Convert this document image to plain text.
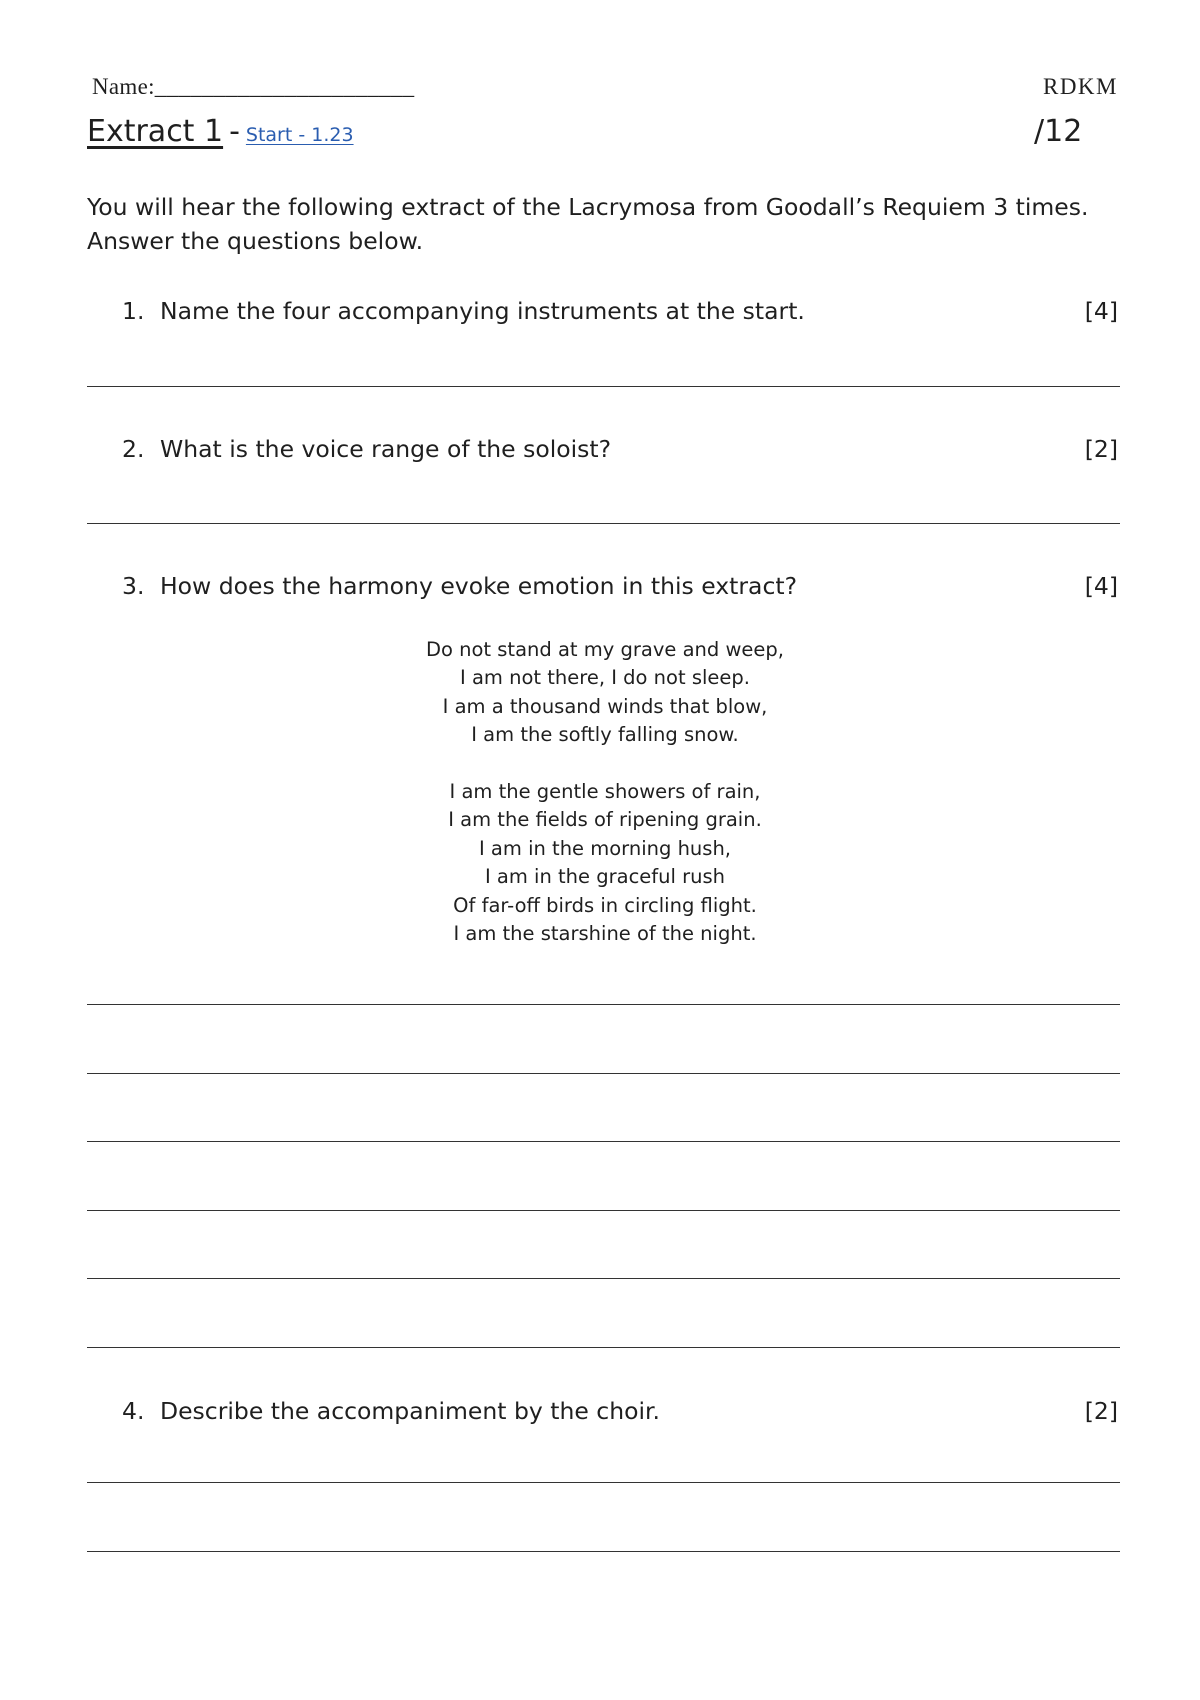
Name:______________________	RDKM
Extract 1 - Start - 1.23	/12
You will hear the following extract of the Lacrymosa from Goodall’s Requiem 3 times. Answer the questions below.
1. Name the four accompanying instruments at the start.	[4]
2. What is the voice range of the soloist?	[2]
3. How does the harmony evoke emotion in this extract?	[4]
Do not stand at my grave and weep,
I am not there, I do not sleep.
I am a thousand winds that blow,
I am the softly falling snow.
I am the gentle showers of rain,
I am the fields of ripening grain.
I am in the morning hush,
I am in the graceful rush
Of far-off birds in circling flight.
I am the starshine of the night.
4. Describe the accompaniment by the choir.	[2]
